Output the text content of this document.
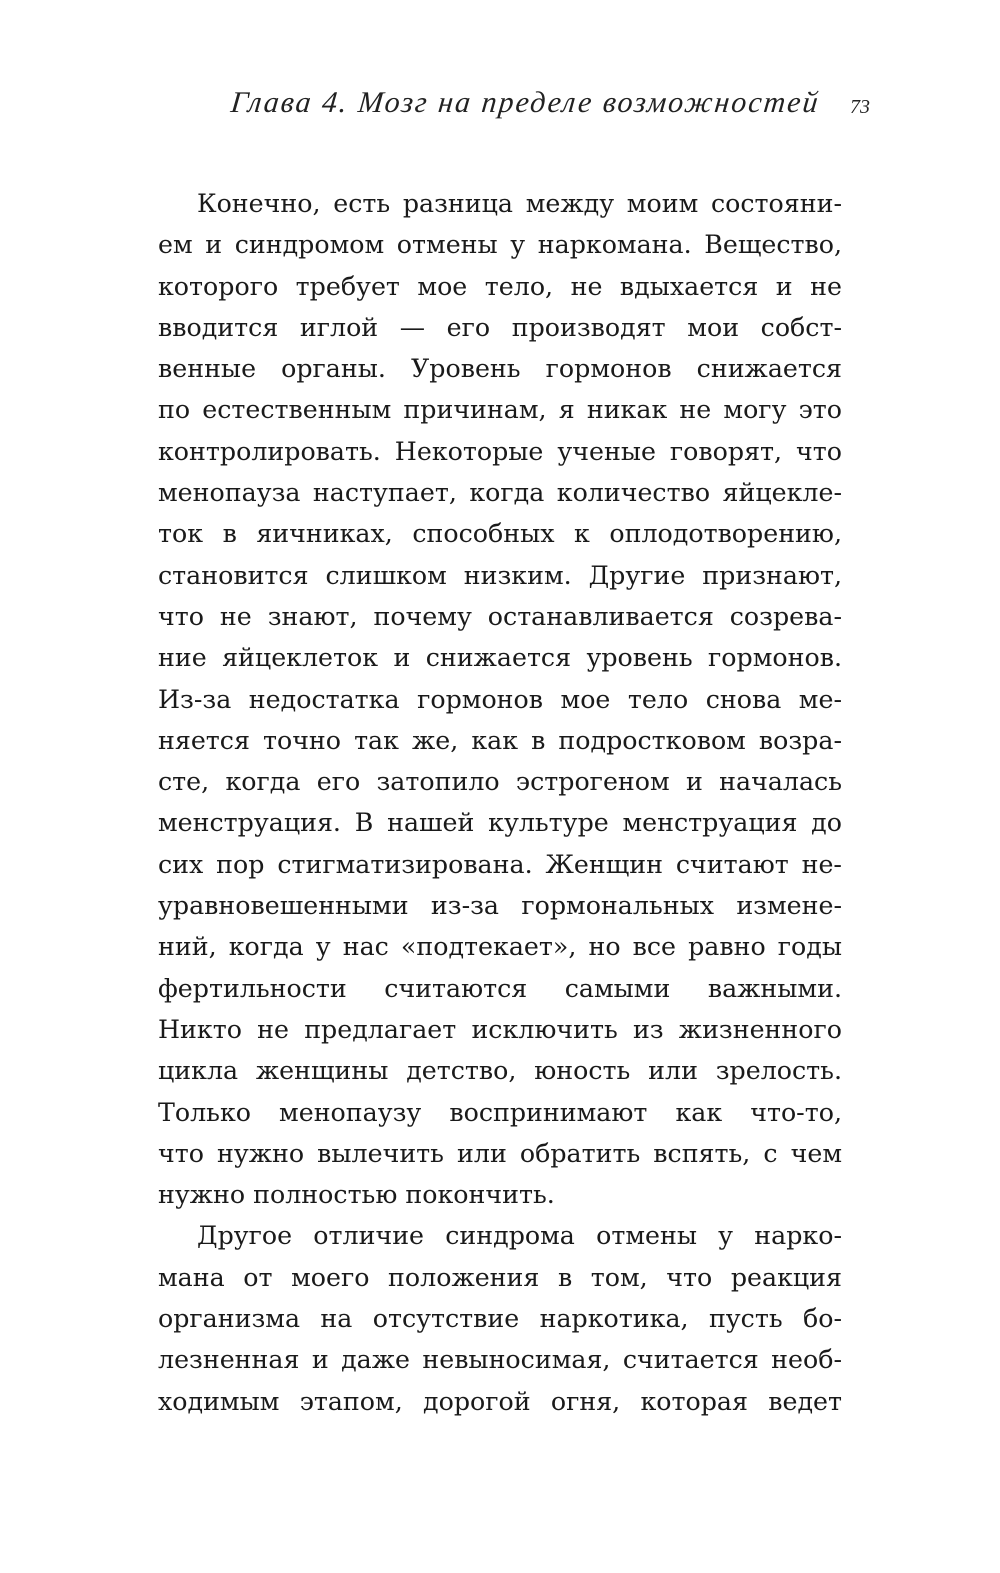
Глава 4. Мозг на пределе возможностей 73
Конечно, есть разница между моим состояни-
ем и синдромом отмены у наркомана. Вещество,
которого требует мое тело, не вдыхается и не
вводится иглой — его производят мои собст-
венные органы. Уровень гормонов снижается
по естественным причинам, я никак не могу это
контролировать. Некоторые ученые говорят, что
менопауза наступает, когда количество яйцекле-
ток в яичниках, способных к оплодотворению,
становится слишком низким. Другие признают,
что не знают, почему останавливается созрева-
ние яйцеклеток и снижается уровень гормонов.
Из-за недостатка гормонов мое тело снова ме-
няется точно так же, как в подростковом возра-
сте, когда его затопило эстрогеном и началась
менструация. В нашей культуре менструация до
сих пор стигматизирована. Женщин считают не-
уравновешенными из-за гормональных измене-
ний, когда у нас «подтекает», но все равно годы
фертильности считаются самыми важными.
Никто не предлагает исключить из жизненного
цикла женщины детство, юность или зрелость.
Только менопаузу воспринимают как что-то,
что нужно вылечить или обратить вспять, с чем
нужно полностью покончить.
Другое отличие синдрома отмены у нарко-
мана от моего положения в том, что реакция
организма на отсутствие наркотика, пусть бо-
лезненная и даже невыносимая, считается необ-
ходимым этапом, дорогой огня, которая ведет
